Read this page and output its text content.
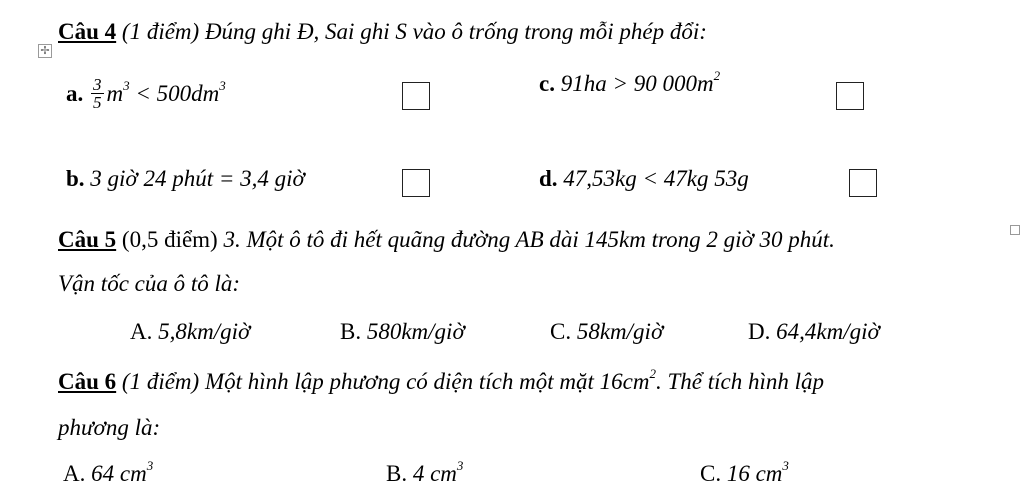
✢
Câu 4 (1 điểm) Đúng ghi Đ, Sai ghi S vào ô trống trong mỗi phép đổi:
a. $\frac{3}{5} m^3 < 500dm^3$	c. 91ha > 90 $000m^2$
b. 3 giờ 24 phút = 3,4 giờ	d. 47,53kg < 47kg 53g
Câu 5 (0,5 điểm) 3. Một ô tô đi hết quãng đường AB dài 145km trong 2 giờ 30 phút.
Vận tốc của ô tô là:
A. 5,8km/giờ	B. 580km/giờ	C. 58km/giờ	D. 64,4km/giờ
Câu 6 (1 điểm) Một hình lập phương có diện tích một mặt $16cm^2$. Thể tích hình lập
phương là:
A. 64 $cm^3$	B. 4 $cm^3$	C. 16 $cm^3$
